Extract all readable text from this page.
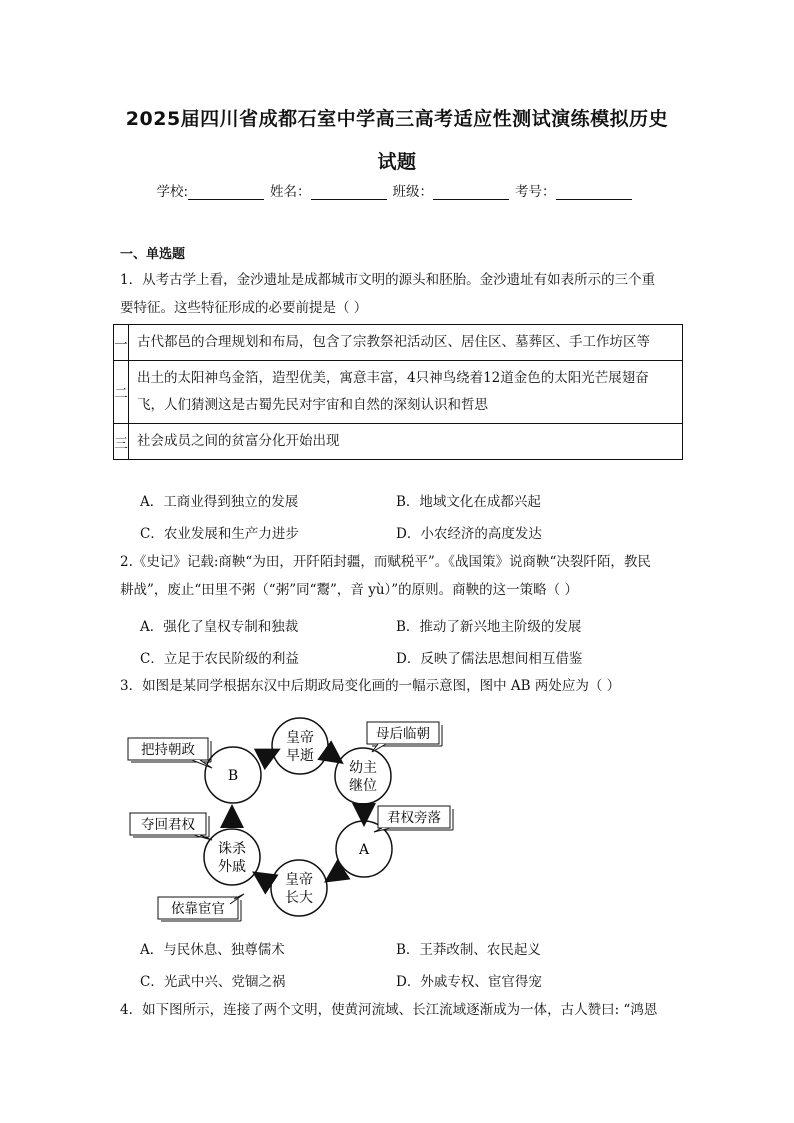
2025届四川省成都石室中学高三高考适应性测试演练模拟历史
试题
学校:	姓名：	班级：	考号：
一、单选题
1．从考古学上看，金沙遗址是成都城市文明的源头和胚胎。金沙遗址有如表所示的三个重
要特征。这些特征形成的必要前提是（ ）
一	古代都邑的合理规划和布局，包含了宗教祭祀活动区、居住区、墓葬区、手工作坊区等
二	出土的太阳神鸟金箔，造型优美，寓意丰富，4只神鸟绕着12道金色的太阳光芒展翅奋
飞，人们猜测这是古蜀先民对宇宙和自然的深刻认识和哲思

三	社会成员之间的贫富分化开始出现
A．工商业得到独立的发展	B．地域文化在成都兴起
C．农业发展和生产力进步	D．小农经济的高度发达
2.《史记》记载:商鞅“为田，开阡陌封疆，而赋税平”。《战国策》说商鞅“决裂阡陌，教民
耕战”，废止“田里不粥（“粥”同“鬻”，音 yù）”的原则。商鞅的这一策略（ ）
A．强化了皇权专制和独裁	B．推动了新兴地主阶级的发展
C．立足于农民阶级的利益	D．反映了儒法思想间相互借鉴
3．如图是某同学根据东汉中后期政局变化画的一幅示意图，图中 AB 两处应为（ ）
皇帝
早逝
幼主
继位
A
皇帝
长大
诛杀
外戚
B
母后临朝
君权旁落
依靠宦官
夺回君权
把持朝政
A．与民休息、独尊儒术	B．王莽改制、农民起义
C．光武中兴、党锢之祸	D．外戚专权、宦官得宠
4．如下图所示，连接了两个文明，使黄河流域、长江流域逐渐成为一体，古人赞曰: “鸿恩
